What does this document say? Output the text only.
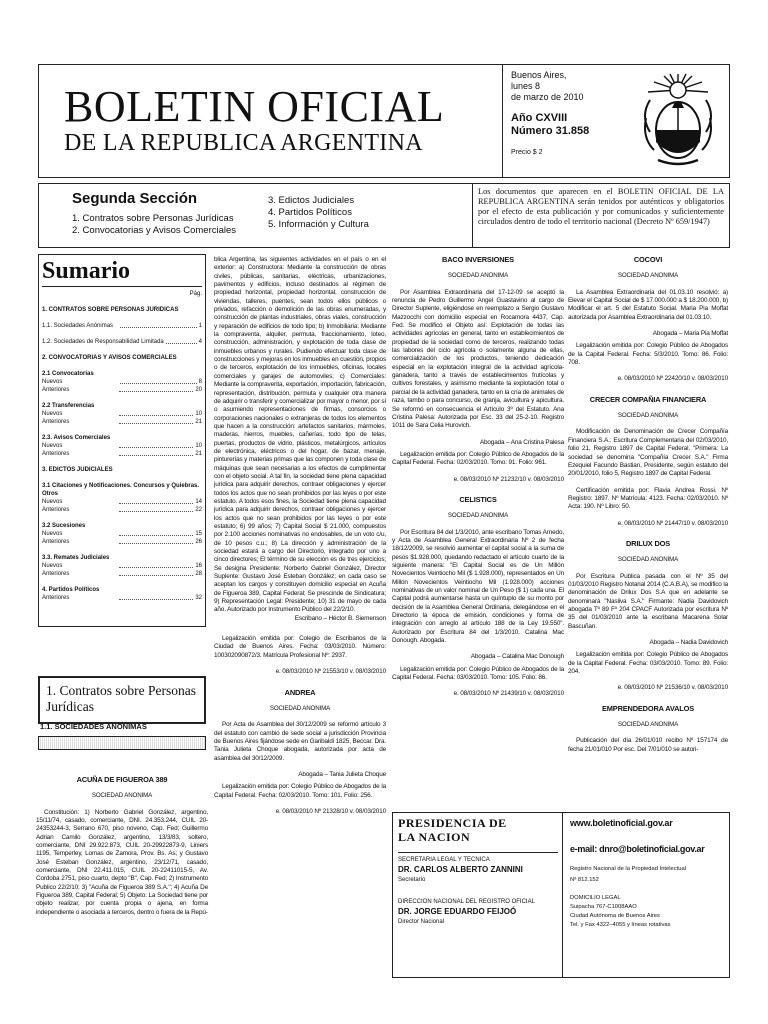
BOLETIN OFICIAL
DE LA REPUBLICA ARGENTINA
Buenos Aires,
lunes 8
de marzo de 2010
Año CXVIII
Número 31.858
Precio $ 2
Segunda Sección
1. Contratos sobre Personas Jurídicas
2. Convocatorias y Avisos Comerciales
3. Edictos Judiciales
4. Partidos Políticos
5. Información y Cultura
Los documentos que aparecen en el BOLETIN OFICIAL DE LA REPUBLICA ARGENTINA serán tenidos por auténticos y obligatorios por el efecto de esta publicación y por comunicados y suficientemente circulados dentro de todo el territorio nacional (Decreto Nº 659/1947)
Sumario
Pág.
1. CONTRATOS SOBRE PERSONAS JURIDICAS
1.1. Sociedades Anónimas	1
1.2. Sociedades de Responsabilidad Limitada	4
2. CONVOCATORIAS Y AVISOS COMERCIALES
2.1 Convocatorias
Nuevos	8
Anteriores	20
2.2 Transferencias
Nuevos	10
Anteriores	21
2.3. Avisos Comerciales
Nuevos	10
Anteriores	21
3. EDICTOS JUDICIALES
3.1 Citaciones y Notificaciones. Concursos y Quiebras. Otros
Nuevos	14
Anteriores	22
3.2 Sucesiones
Nuevos	15
Anteriores	26
3.3. Remates Judiciales
Nuevos	16
Anteriores	28
4. Partidos Políticos
Anteriores	32
1. Contratos sobre Personas Jurídicas
1.1. SOCIEDADES ANONIMAS

ACUÑA DE FIGUEROA 389

SOCIEDAD ANONIMA

Constitución: 1) Norberto Gabriel González, argentino, 15/11/74, casado, comerciante, DNI. 24.353.244, CUIL 20-24353244-3, Serrano 670, piso noveno, Cap. Fed; Guillermo Adrian Camilo González, argentino, 13/3/83, soltero, comerciante, DNI 29.922.873, CUIL 20-29922873-9, Liniers 1195, Temperley, Lomas de Zamora, Prov. Bs. As; y Gustavo José Esteban González, argentino, 23/12/71, casado, comerciante, DNI 22.411.015, CUIL 20-22411015-5, Av. Cordoba 2751, piso cuarto, depto "B", Cap. Fed; 2) Instrumento Publico 22/2/10; 3) "Acuña de Figueroa 389 S.A."; 4) Acuña De Figueroa 389, Capital Federal; 5) Objeto: La Sociedad tiene por objeto realizar, por cuenta propia o ajena, en forma independiente o asociada a terceros, dentro o fuera de la Repú-

blica Argentina, las siguientes actividades en el país o en el exterior: a) Constructora: Mediante la construcción de obras civiles, públicas, sanitarias, eléctricas, urbanizaciones, pavimentos y edificios, incluso destinados al régimen de propiedad horizontal, propiedad horizontal, construcción de viviendas, talleres, puentes, sean todos ellos públicos o privados, refacción o demolición de las obras enumeradas, y construcción de plantas industriales, obras viales, construcción y reparación de edificios de todo tipo; b) Inmobiliaria: Mediante la compraventa, alquiler, permuta, fraccionamiento, loteo, construcción, administración, y explotación de toda clase de inmuebles urbanos y rurales. Pudiendo efectuar toda clase de construcciones y mejoras en los inmuebles en cuestión, propios o de terceros, explotación de los inmuebles, oficinas, locales comerciales y garajes de automoviles; c) Comerciales: Mediante la compraventa, exportación, importación, fabricación, representación, distribución, permuta y cualquier otra manera de adquirir o transferir y comercializar por mayor o menor, por sí o asumiendo representaciones de firmas, consorcios o corporaciones nacionales o extranjeras de todos los elementos que hacen a la construcción: artefactos sanitarios, mármoles, maderas, hierros, muebles, cañerías, todo tipo de telas, puertas, productos de vidrio, plásticos, metalúrgicos, artículos de electrónica, eléctricos o del hogar, de bazar, menaje, pinturerías y materias primas que las componen y toda clase de máquinas que sean necesarias a los efectos de cumplimentar con el objeto social. A tal fin, la sociedad tiene plena capacidad jurídica para adquirir derechos, contraer obligaciones y ejercer todos los actos que no sean prohibidos por las leyes o por este estatuto. A todos esos fines, la Sociedad tiene plena capacidad jurídica para adquirir derechos, contraer obligaciones y ejercer los actos que no sean prohibidos por las leyes o por este estatuto; 6) 99 años; 7) Capital Social $ 21.000, compuestos por 2.100 acciones nominativas no endosables, de un voto c/u, de 10 pesos c.u.; 8) La dirección y administración de la sociedad estará a cargo del Directorio, integrado por uno a cinco directores; El término de su elección es de tres ejercicios; Se designa Presidente: Norberto Gabriel González, Director Suplente: Gustavo José Esteban González; en cada caso se aceptan los cargos y constituyen domicilio especial en Acuña de Figueroa 389, Capital Federal; Se prescinde de Sindicatura; 9) Representación Legal: Presidente; 10) 31 de mayo de cada año. Autorizado por Instrumento Público del 22/2/10.

Escribano – Héctor B. Siemenson

Legalización emitida por: Colegio de Escribanos de la Ciudad de Buenos Aires. Fecha: 03/03/2010. Número: 100302090872/3. Matrícula Profesional Nº: 2937.

e. 08/03/2010 Nº 21553/10 v. 08/03/2010

ANDREA

SOCIEDAD ANONIMA

Por Acta de Asamblea del 30/12/2009 se reformó artículo 3 del estatuto con cambio de sede social a jurisdicción Provincia de Buenos Aires fijándose sede en Garibaldi 1825, Beccar. Dra. Tania Julieta Choque abogada, autorizada por acta de asamblea del 30/12/2009.

Abogada – Tania Julieta Choque

Legalización emitida por: Colegio Público de Abogados de la Capital Federal. Fecha: 02/03/2010. Tomo: 101. Folio: 256.

e. 08/03/2010 Nº 21328/10 v. 08/03/2010

BACO INVERSIONES

SOCIEDAD ANONIMA

Por Asamblea Extraordinaria del 17-12-09 se aceptó la renuncia de Pedro Guillermo Angel Guastavino al cargo de Director Suplente, eligiéndose en reemplazo a Sergio Gustavo Mazzocchi con domicilio especial en Rocamora 4437, Cap. Fed. Se modificó el Objeto así: Explotación de todas las actividades agrícolas en general, tanto en establecimientos de propiedad de la sociedad como de terceros, realizando todas las labores del ciclo agrícola o solamente alguna de ellas, comercialización de los productos, teniendo dedicación especial en la explotación integral de la actividad agrícola-ganadera, tanto a través de establecimientos frutícolas y cultivos forestales, y asimismo mediante la explotación total o parcial de la actividad ganadera, tanto en la cría de animales de raza, tambo o para concurso, de granja, avicultura y apicultura. Se reformó en consecuencia el Artículo 3º del Estatuto. Ana Cristina Palesa: Autorizada por Esc. 33 del 25-2-10. Registro 1011 de Sara Celia Hurovich.

Abogada – Ana Cristina Palesa

Legalización emitida por: Colegio Público de Abogados de la Capital Federal. Fecha: 02/03/2010. Tomo: 91. Folio: 961.

e. 08/03/2010 Nº 21232/10 v. 08/03/2010

CELISTICS

SOCIEDAD ANONIMA

Por Escritura 84 del 1/3/2010, ante escribano Tomas Arnedo, y Acta de Asamblea General Extraordinaria Nº 2 de fecha 18/12/2009, se resolvió aumentar el capital social a la suma de pesos $1.928.000, quedando redactado el artículo cuarto de la siguiente manera: "El Capital Social es de Un Millón Novecientos Veintiocho Mil ($ 1.928.000), representados en Un Millón Novecientos Veintiocho Mil (1.928.000) acciones nominativas de un valor nominal de Un Peso ($ 1) cada una. El Capital podrá aumentarse hasta un quíntuplo de su monto por decisión de la Asamblea General Ordinaria, delegándose en el Directorio la época de emisión, condiciones y forma de integración con arreglo al artículo 188 de la Ley 19.550". Autorizado por Escritura 84 del 1/3/2010. Catalina Mac Donough. Abogada.

Abogada – Catalina Mac Donough

Legalización emitida por: Colegio Público de Abogados de la Capital Federal. Fecha: 03/03/2010. Tomo: 105. Folio: 86.

e. 08/03/2010 Nº 21439/10 v. 08/03/2010

COCOVI

SOCIEDAD ANONIMA

La Asamblea Extraordinaria del 01.03.10 resolvió: a) Elevar el Capital Social de $ 17.000.000 a $ 18.200.000, b) Modificar el art. 5 del Estatuto Social. Maria Pia Moffat autorizada por Asamblea Extraordinaria del 01.03.10.

Abogada – Maria Pia Moffat

Legalización emitida por: Colegio Público de Abogados de la Capital Federal. Fecha: 5/3/2010. Tomo: 86. Folio: 708.

e. 08/03/2010 Nº 22420/10 v. 08/03/2010

CRECER COMPAÑIA FINANCIERA

SOCIEDAD ANONIMA

Modificación de Denominación de Crecer Compañía Financiera S.A.: Escritura Complementaria del 02/03/2010, folio 21, Registro 1897 de Capital Federal. "Primera: La sociedad se denomina "Compañía Crecer S.A." Firma Ezequiel Facundo Bastian, Presidente, según estatuto del 20/01/2010, folio 5, Registro 1897 de Capital Federal.

Certificación emitida por: Flavia Andrea Rossi. Nº Registro: 1897. Nº Matrícula: 4123. Fecha: 02/03/2010. Nº Acta: 190. Nº Libro: 50.

e. 08/03/2010 Nº 21447/10 v. 08/03/2010

DRILUX DOS

SOCIEDAD ANONIMA

Por Escritura Publica pasada con el Nº 35 del 01/03/2010 Registro Notarial 2014 (C.A.B.A), se modifico la denominación de Drilux Dos S.A que en adelante se denominará "Nasliva S.A." Firmante: Nadia Davidovich abogada Tº 89 Fº 204 CPACF Autorizada por escritura Nº 35 del 01/03/2010 ante la escribana Macarena Solar Bascuñan.

Abogada – Nadia Davidovich

Legalización emitida por: Colegio Público de Abogados de la Capital Federal. Fecha: 03/03/2010. Tomo: 89. Folio: 204.

e. 08/03/2010 Nº 21536/10 v. 08/03/2010

EMPRENDEDORA AVALOS

SOCIEDAD ANONIMA

Publicación del día 26/01/010 recibo Nº 157174 de fecha 21/01/010 Por esc. Del 7/01/010 se autori-

PRESIDENCIA DE
LA NACION
SECRETARIA LEGAL Y TECNICA
DR. CARLOS ALBERTO ZANNINI
Secretario
DIRECCION NACIONAL DEL REGISTRO OFICIAL
DR. JORGE EDUARDO FEIJOÓ
Director Nacional
www.boletinoficial.gov.ar
e-mail: dnro@boletinoficial.gov.ar
Registro Nacional de la Propiedad Intelectual
Nº 812.152
DOMICILIO LEGAL
Suipacha 767-C1008AAO
Ciudad Autónoma de Buenos Aires
Tel. y Fax 4322–4055 y líneas rotativas
